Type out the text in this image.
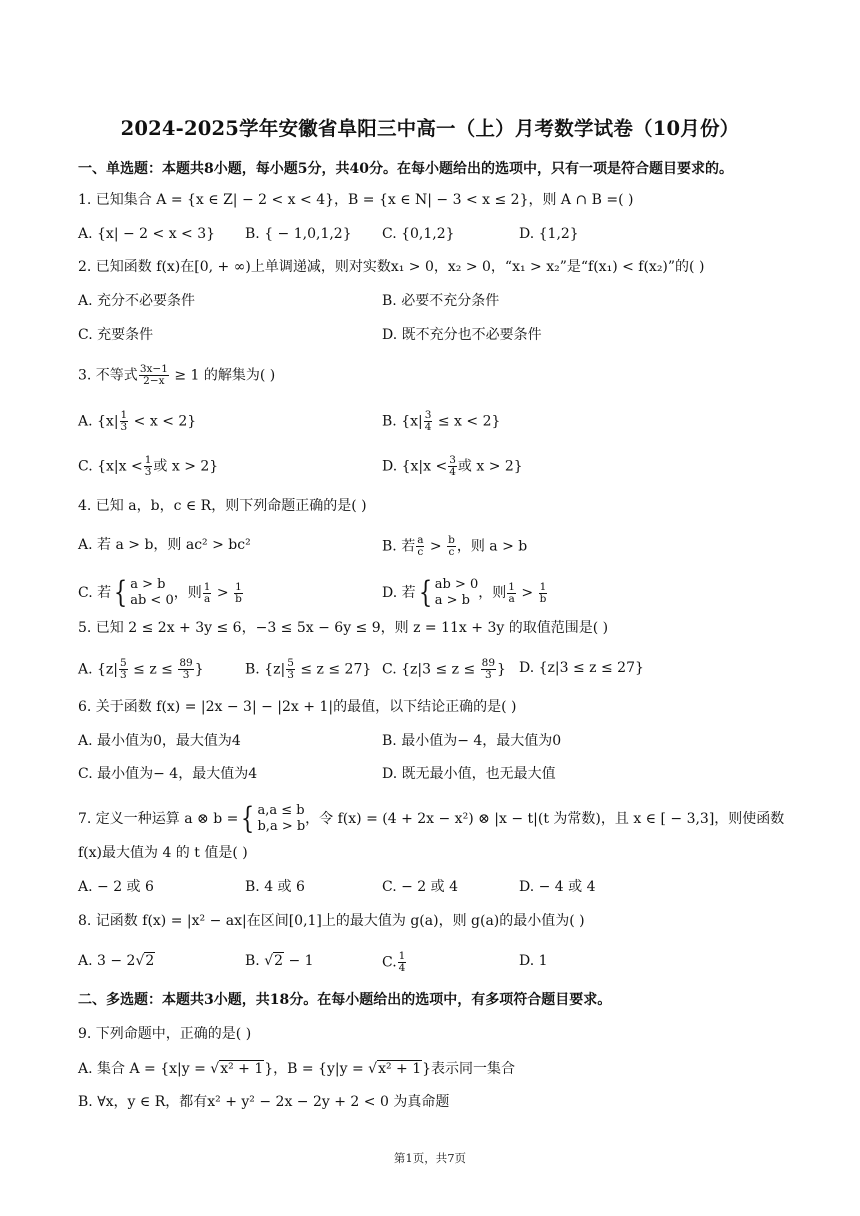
2024-2025学年安徽省阜阳三中高一（上）月考数学试卷（10月份）
一、单选题：本题共8小题，每小题5分，共40分。在每小题给出的选项中，只有一项是符合题目要求的。
1. 已知集合 A = {x ∈ Z| − 2 < x < 4}，B = {x ∈ N| − 3 < x ≤ 2}，则 A ∩ B =( )
A. {x| − 2 < x < 3} B. { − 1,0,1,2} C. {0,1,2}	D. {1,2}
2. 已知函数 f(x)在[0, + ∞)上单调递减，则对实数x₁ > 0，x₂ > 0，“x₁ > x₂”是“f(x₁) < f(x₂)”的( )
A. 充分不必要条件	B. 必要不充分条件
C. 充要条件	D. 既不充分也不必要条件
3. 不等式 $\frac{3x-1}{2-x} \ge 1$ 的解集为( )
A. $\{x| \frac{1}{3} < x < 2\}$	B. $\{x| \frac{3}{4} \le x < 2\}$
C. {$x|x < \frac{1}{3}$ 或 x > 2}	D. {$x|x < \frac{3}{4}$ 或 x > 2}
4. 已知 a，b，c ∈ R，则下列命题正确的是( )
A. 若 a > b，则 ac² > bc²	B. 若 $\frac{a}{c} > \frac{b}{c}$ ，则 a > b
C. 若 { a > b
ab < 0 ，则 $\frac{1}{a} > \frac{1}{b}$	D. 若 { ab > 0
a > b ，则 $\frac{1}{a} > \frac{1}{b}$
5. 已知 2 ≤ 2x + 3y ≤ 6，−3 ≤ 5x − 6y ≤ 9，则 z = 11x + 3y 的取值范围是( )
A. {$z| \frac{5}{3} \le z \le \frac{89}{3}$ }	B. $\{z| \frac{5}{3} \le z \le 27\}$ C. {$z|3 \le z \le \frac{89}{3}$ } D. {z|3 ≤ z ≤ 27}
6. 关于函数 f(x) = |2x − 3| − |2x + 1|的最值，以下结论正确的是( )
A. 最小值为0，最大值为4	B. 最小值为− 4，最大值为0
C. 最小值为− 4，最大值为4	D. 既无最小值，也无最大值
7. 定义一种运算 a ⊗ b = { a,a ≤ b
b,a > b ，令 f(x) = (4 + 2x − x²) ⊗ |x − t|(t 为常数)，且 x ∈ [ − 3,3]，则使函数
f(x)最大值为 4 的 t 值是( )
A. − 2 或 6	B. 4 或 6	C. − 2 或 4	D. − 4 或 4
8. 记函数 f(x) = |x² − ax|在区间[0,1]上的最大值为 g(a)，则 g(a)的最小值为( )
A. 3 − 2√2	B. √2 − 1	C. $\frac{1}{4}$	D. 1
二、多选题：本题共3小题，共18分。在每小题给出的选项中，有多项符合题目要求。
9. 下列命题中，正确的是( )
A. 集合 A = {x|y = √x² + 1}，B = {y|y = √x² + 1}表示同一集合
B. ∀x，y ∈ R，都有x² + y² − 2x − 2y + 2 < 0 为真命题
第1页，共7页
